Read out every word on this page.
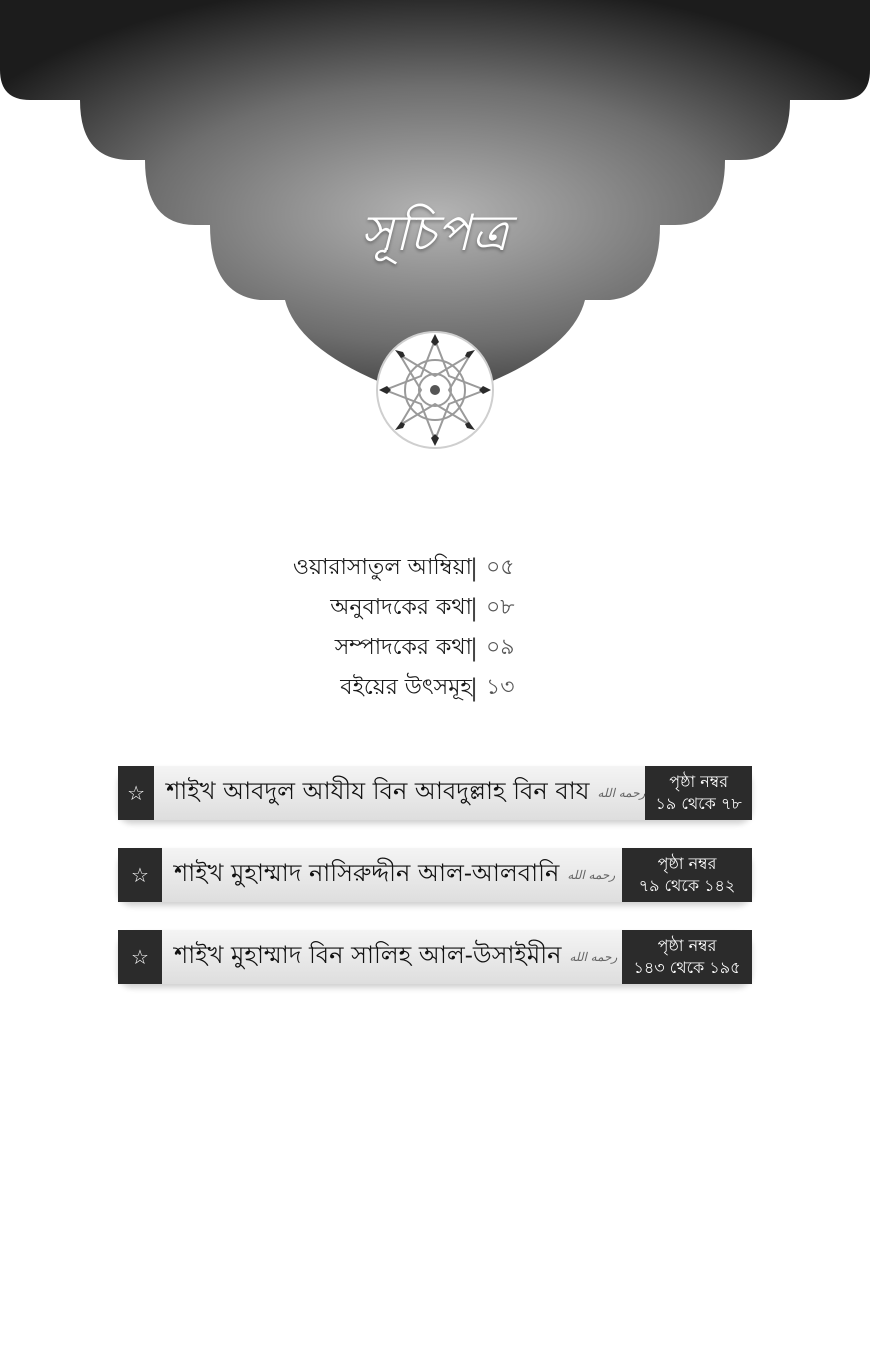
সূচিপত্র
ওয়ারাসাতুল আম্বিয়া
| ০৫
অনুবাদকের কথা
| ০৮
সম্পাদকের কথা
| ০৯
বইয়ের উৎসমূহ
| ১৩
☆ শাইখ আবদুল আযীয বিন আবদুল্লাহ বিন বায رحمه الله
পৃষ্ঠা নম্বর
১৯ থেকে ৭৮
☆	শাইখ মুহাম্মাদ নাসিরুদ্দীন আল-আলবানি رحمه الله
পৃষ্ঠা নম্বর
৭৯ থেকে ১৪২
☆	শাইখ মুহাম্মাদ বিন সালিহ আল-উসাইমীন رحمه الله
পৃষ্ঠা নম্বর
১৪৩ থেকে ১৯৫
